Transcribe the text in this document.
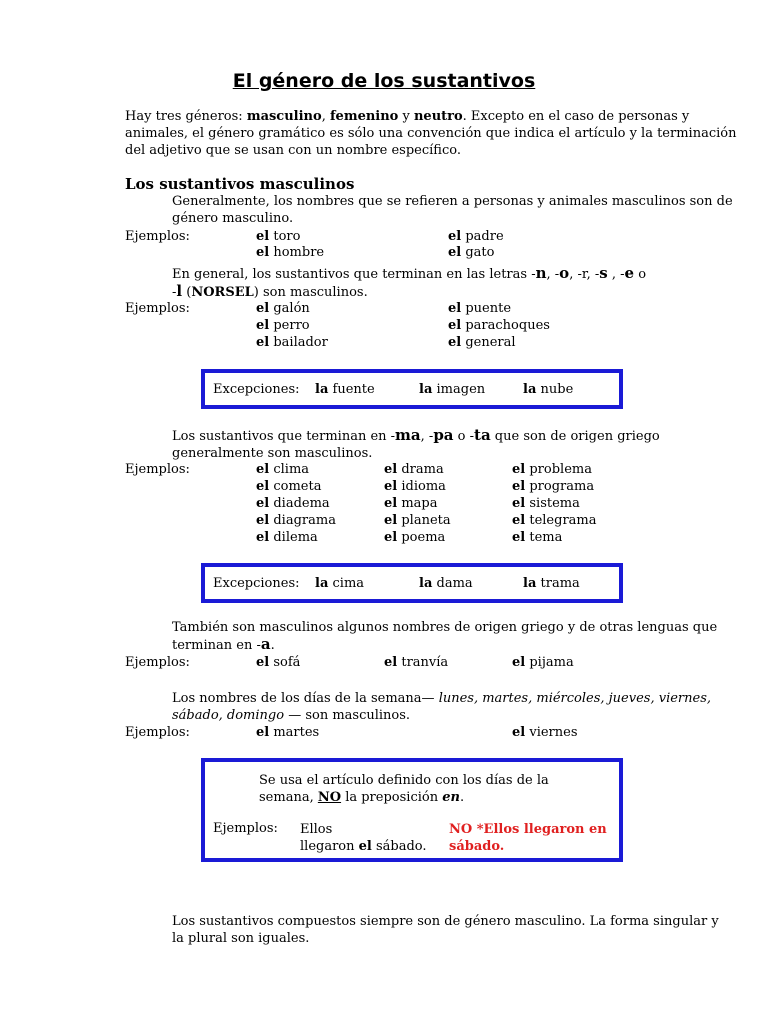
El género de los sustantivos
Hay tres géneros: masculino, femenino y neutro. Excepto en el caso de personas y
animales, el género gramático es sólo una convención que indica el artículo y la terminación
del adjetivo que se usan con un nombre específico.
Los sustantivos masculinos
Generalmente, los nombres que se refieren a personas y animales masculinos son de
género masculino.
Ejemplos:	el toro	el padre
el hombre	el gato
En general, los sustantivos que terminan en las letras -n, -o, -r, -s , -e o
-l (NORSEL) son masculinos.
Ejemplos:	el galón	el puente
el perro	el parachoques
el bailador	el general
Excepciones: la fuente	la imagen	la nube
Los sustantivos que terminan en -ma, -pa o -ta que son de origen griego
generalmente son masculinos.
Ejemplos:	el clima	el drama	el problema
el cometa	el idioma	el programa
el diadema	el mapa	el sistema
el diagrama	el planeta	el telegrama
el dilema	el poema	el tema
Excepciones: la cima	la dama	la trama
También son masculinos algunos nombres de origen griego y de otras lenguas que
terminan en -a.
Ejemplos:	el sofá	el tranvía	el pijama
Los nombres de los días de la semana— lunes, martes, miércoles, jueves, viernes,
sábado, domingo — son masculinos.
Ejemplos:	el martes	el viernes
Se usa el artículo definido con los días de la
semana, NO la preposición en.
Ejemplos: Ellos
llegaron el sábado.
NO *Ellos llegaron en
sábado.
Los sustantivos compuestos siempre son de género masculino. La forma singular y
la plural son iguales.
